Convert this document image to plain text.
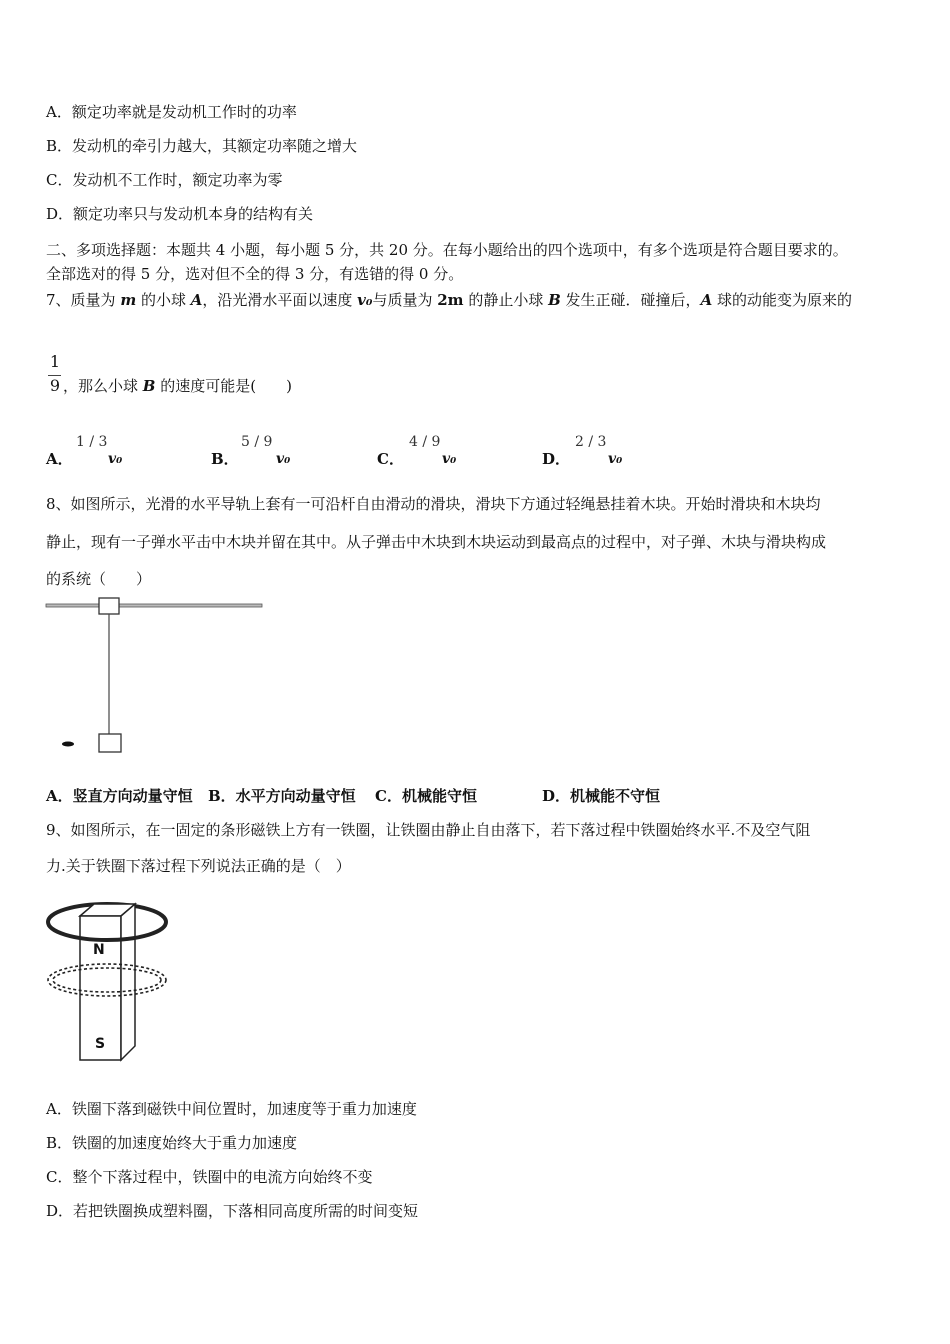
A．额定功率就是发动机工作时的功率
B．发动机的牵引力越大，其额定功率随之增大
C．发动机不工作时，额定功率为零
D．额定功率只与发动机本身的结构有关
二、多项选择题：本题共 4 小题，每小题 5 分，共 20 分。在每小题给出的四个选项中，有多个选项是符合题目要求的。
全部选对的得 5 分，选对但不全的得 3 分，有选错的得 0 分。
7、质量为 m 的小球 A，沿光滑水平面以速度 v₀与质量为 2m 的静止小球 B 发生正碰．碰撞后，A 球的动能变为原来的
1
9 ，那么小球 B 的速度可能是(　　)
A．
1 / 3
v₀	B．
5 / 9
v₀	C．
4 / 9
v₀	D．
2 / 3
v₀
8、如图所示，光滑的水平导轨上套有一可沿杆自由滑动的滑块，滑块下方通过轻绳悬挂着木块。开始时滑块和木块均
静止，现有一子弹水平击中木块并留在其中。从子弹击中木块到木块运动到最高点的过程中，对子弹、木块与滑块构成
的系统（　　）
A．竖直方向动量守恒 B．水平方向动量守恒 C．机械能守恒	D．机械能不守恒
9、如图所示，在一固定的条形磁铁上方有一铁圈，让铁圈由静止自由落下，若下落过程中铁圈始终水平.不及空气阻
力.关于铁圈下落过程下列说法正确的是（　）
N
S
A．铁圈下落到磁铁中间位置时，加速度等于重力加速度
B．铁圈的加速度始终大于重力加速度
C．整个下落过程中，铁圈中的电流方向始终不变
D．若把铁圈换成塑料圈，下落相同高度所需的时间变短
